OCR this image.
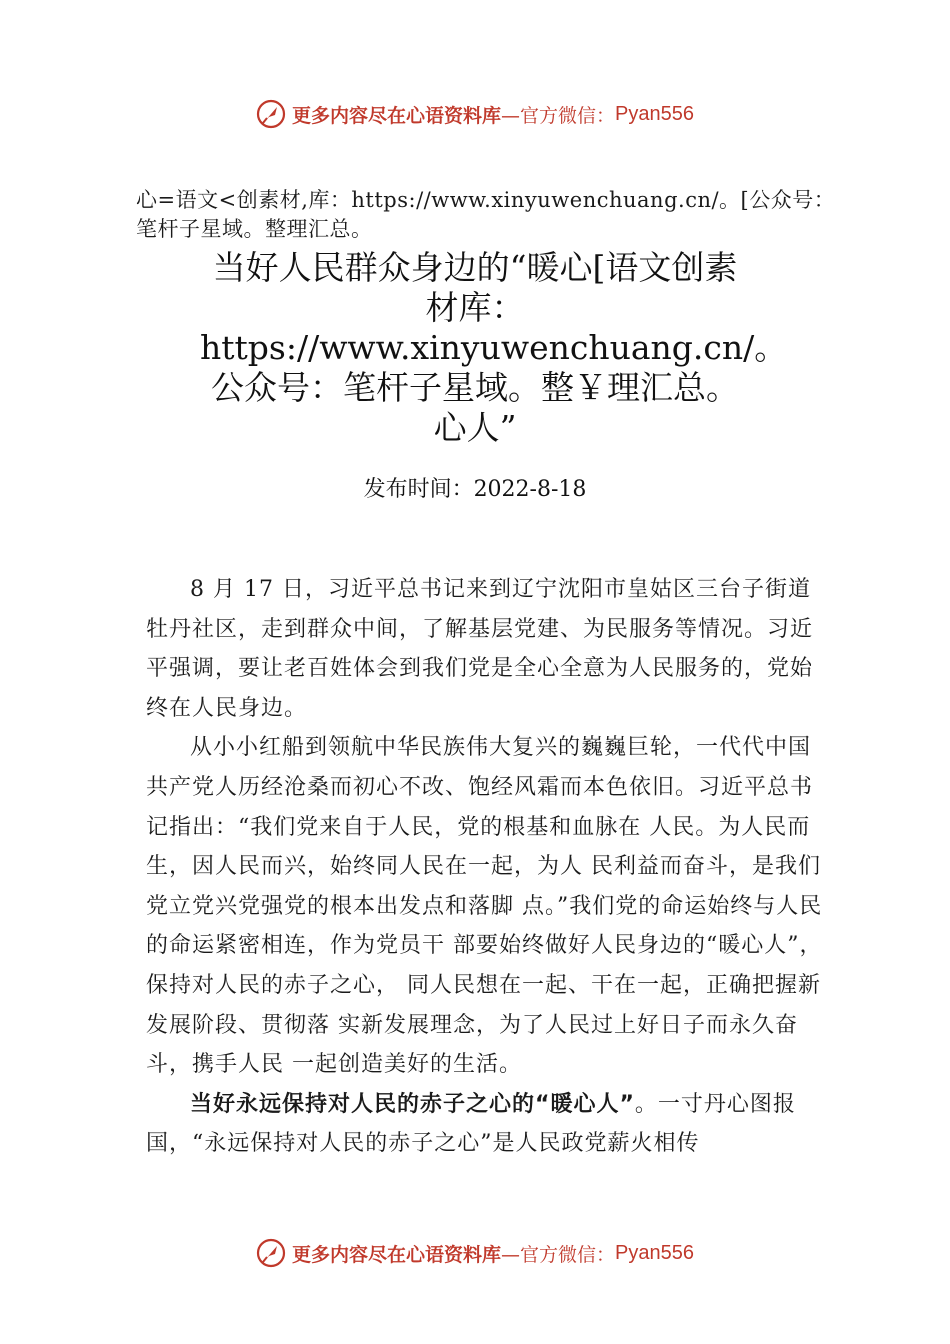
更多内容尽在心语资料库 —官方微信： Pyan556
心=语文<创素材,库：https://www.xinyuwenchuang.cn/。[公众号：笔杆子星域。整理汇总。
当好人民群众身边的“暖心[语文创素材库：https://www.xinyuwenchuang.cn/。公众号：笔杆子星域。整￥理汇总。心人”
发布时间：2022-8-18

8 月 17 日，习近平总书记来到辽宁沈阳市皇姑区三台子街道牡丹社区，走到群众中间，了解基层党建、为民服务等情况。习近平强调，要让老百姓体会到我们党是全心全意为人民服务的，党始终在人民身边。

从小小红船到领航中华民族伟大复兴的巍巍巨轮，一代代中国共产党人历经沧桑而初心不改、饱经风霜而本色依旧。习近平总书记指出：“我们党来自于人民，党的根基和血脉在 人民。为人民而生，因人民而兴，始终同人民在一起，为人 民利益而奋斗，是我们党立党兴党强党的根本出发点和落脚 点。”我们党的命运始终与人民的命运紧密相连，作为党员干 部要始终做好人民身边的“暖心人”，保持对人民的赤子之心， 同人民想在一起、干在一起，正确把握新发展阶段、贯彻落 实新发展理念，为了人民过上好日子而永久奋斗，携手人民 一起创造美好的生活。

当好永远保持对人民的赤子之心的“暖心人”。一寸丹心图报国，“永远保持对人民的赤子之心”是人民政党薪火相传

更多内容尽在心语资料库 —官方微信： Pyan556
